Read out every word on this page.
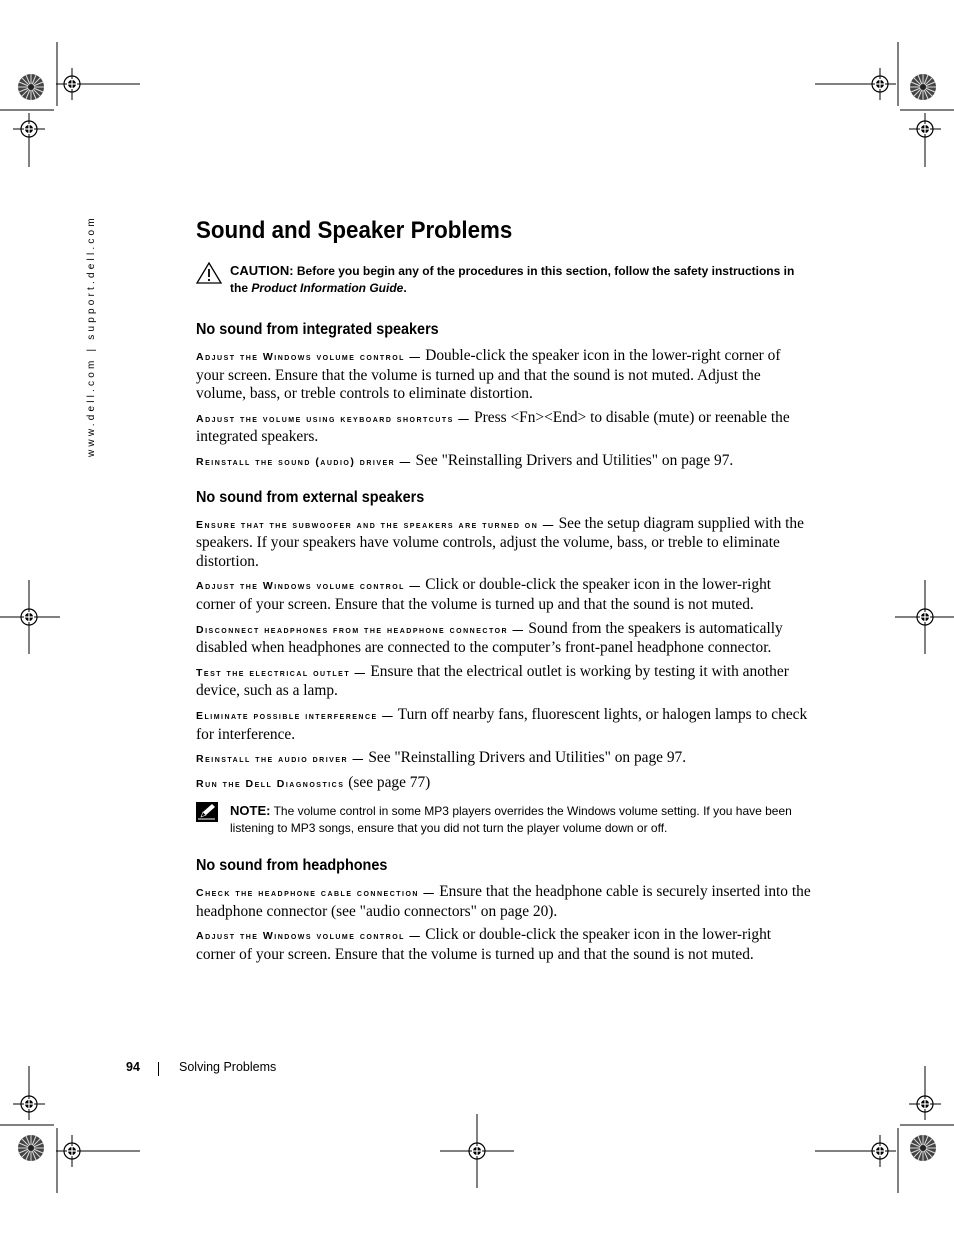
www.dell.com | support.dell.com	Sound and Speaker Problems
CAUTION: Before you begin any of the procedures in this section, follow the safety instructions in the Product Information Guide.
No sound from integrated speakers

Adjust the Windows volume control — Double-click the speaker icon in the lower-right corner of your screen. Ensure that the volume is turned up and that the sound is not muted. Adjust the volume, bass, or treble controls to eliminate distortion.

Adjust the volume using keyboard shortcuts — Press <Fn><End> to disable (mute) or reenable the integrated speakers.

Reinstall the sound (audio) driver — See "Reinstalling Drivers and Utilities" on page 97.

No sound from external speakers

Ensure that the subwoofer and the speakers are turned on — See the setup diagram supplied with the speakers. If your speakers have volume controls, adjust the volume, bass, or treble to eliminate distortion.

Adjust the Windows volume control — Click or double-click the speaker icon in the lower-right corner of your screen. Ensure that the volume is turned up and that the sound is not muted.

Disconnect headphones from the headphone connector — Sound from the speakers is automatically disabled when headphones are connected to the computer’s front-panel headphone connector.

Test the electrical outlet — Ensure that the electrical outlet is working by testing it with another device, such as a lamp.

Eliminate possible interference — Turn off nearby fans, fluorescent lights, or halogen lamps to check for interference.

Reinstall the audio driver — See "Reinstalling Drivers and Utilities" on page 97.

Run the Dell Diagnostics (see page 77)

NOTE: The volume control in some MP3 players overrides the Windows volume setting. If you have been listening to MP3 songs, ensure that you did not turn the player volume down or off.
No sound from headphones

Check the headphone cable connection — Ensure that the headphone cable is securely inserted into the headphone connector (see "audio connectors" on page 20).

Adjust the Windows volume control — Click or double-click the speaker icon in the lower-right corner of your screen. Ensure that the volume is turned up and that the sound is not muted.

94	Solving Problems
